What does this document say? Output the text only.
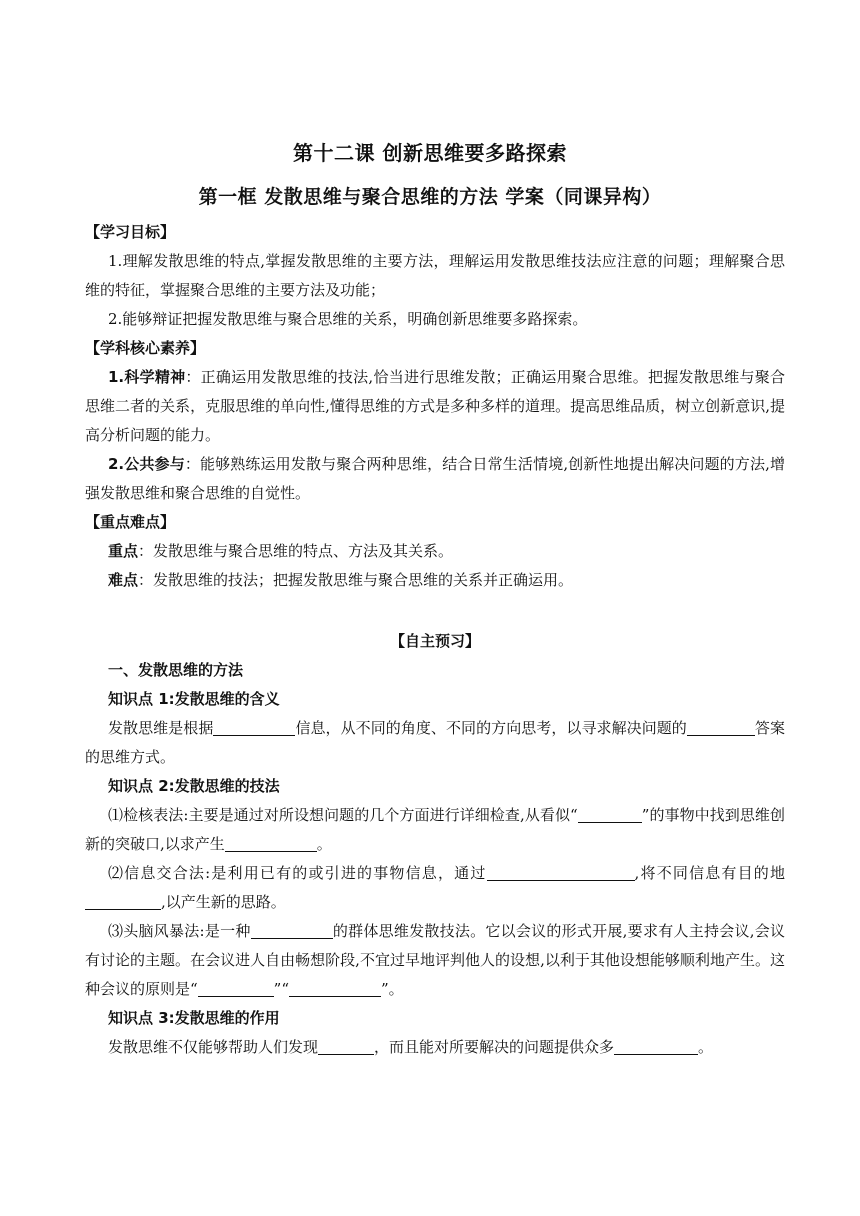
第十二课 创新思维要多路探索
第一框 发散思维与聚合思维的方法 学案（同课异构）

【学习目标】

1.理解发散思维的特点,掌握发散思维的主要方法，理解运用发散思维技法应注意的问题；理解聚合思维的特征，掌握聚合思维的主要方法及功能；

2.能够辩证把握发散思维与聚合思维的关系，明确创新思维要多路探索。

【学科核心素养】

1.科学精神：正确运用发散思维的技法,恰当进行思维发散；正确运用聚合思维。把握发散思维与聚合思维二者的关系，克服思维的单向性,懂得思维的方式是多种多样的道理。提高思维品质，树立创新意识,提高分析问题的能力。

2.公共参与：能够熟练运用发散与聚合两种思维，结合日常生活情境,创新性地提出解决问题的方法,增强发散思维和聚合思维的自觉性。

【重点难点】

重点：发散思维与聚合思维的特点、方法及其关系。

难点：发散思维的技法；把握发散思维与聚合思维的关系并正确运用。

【自主预习】

一、发散思维的方法

知识点 1:发散思维的含义

发散思维是根据	信息，从不同的角度、不同的方向思考，以寻求解决问题的	答案的思维方式。

知识点 2:发散思维的技法

⑴检核表法:主要是通过对所设想问题的几个方面进行详细检查,从看似“	”的事物中找到思维创新的突破口,以求产生	。

⑵信息交合法:是利用已有的或引进的事物信息，通过	,将不同信息有目的地,以产生新的思路。

⑶头脑风暴法:是一种	的群体思维发散技法。它以会议的形式开展,要求有人主持会议,会议有讨论的主题。在会议进人自由畅想阶段,不宜过早地评判他人的设想,以利于其他设想能够顺利地产生。这种会议的原则是“	”“	”。

知识点 3:发散思维的作用

发散思维不仅能够帮助人们发现	，而且能对所要解决的问题提供众多	。
